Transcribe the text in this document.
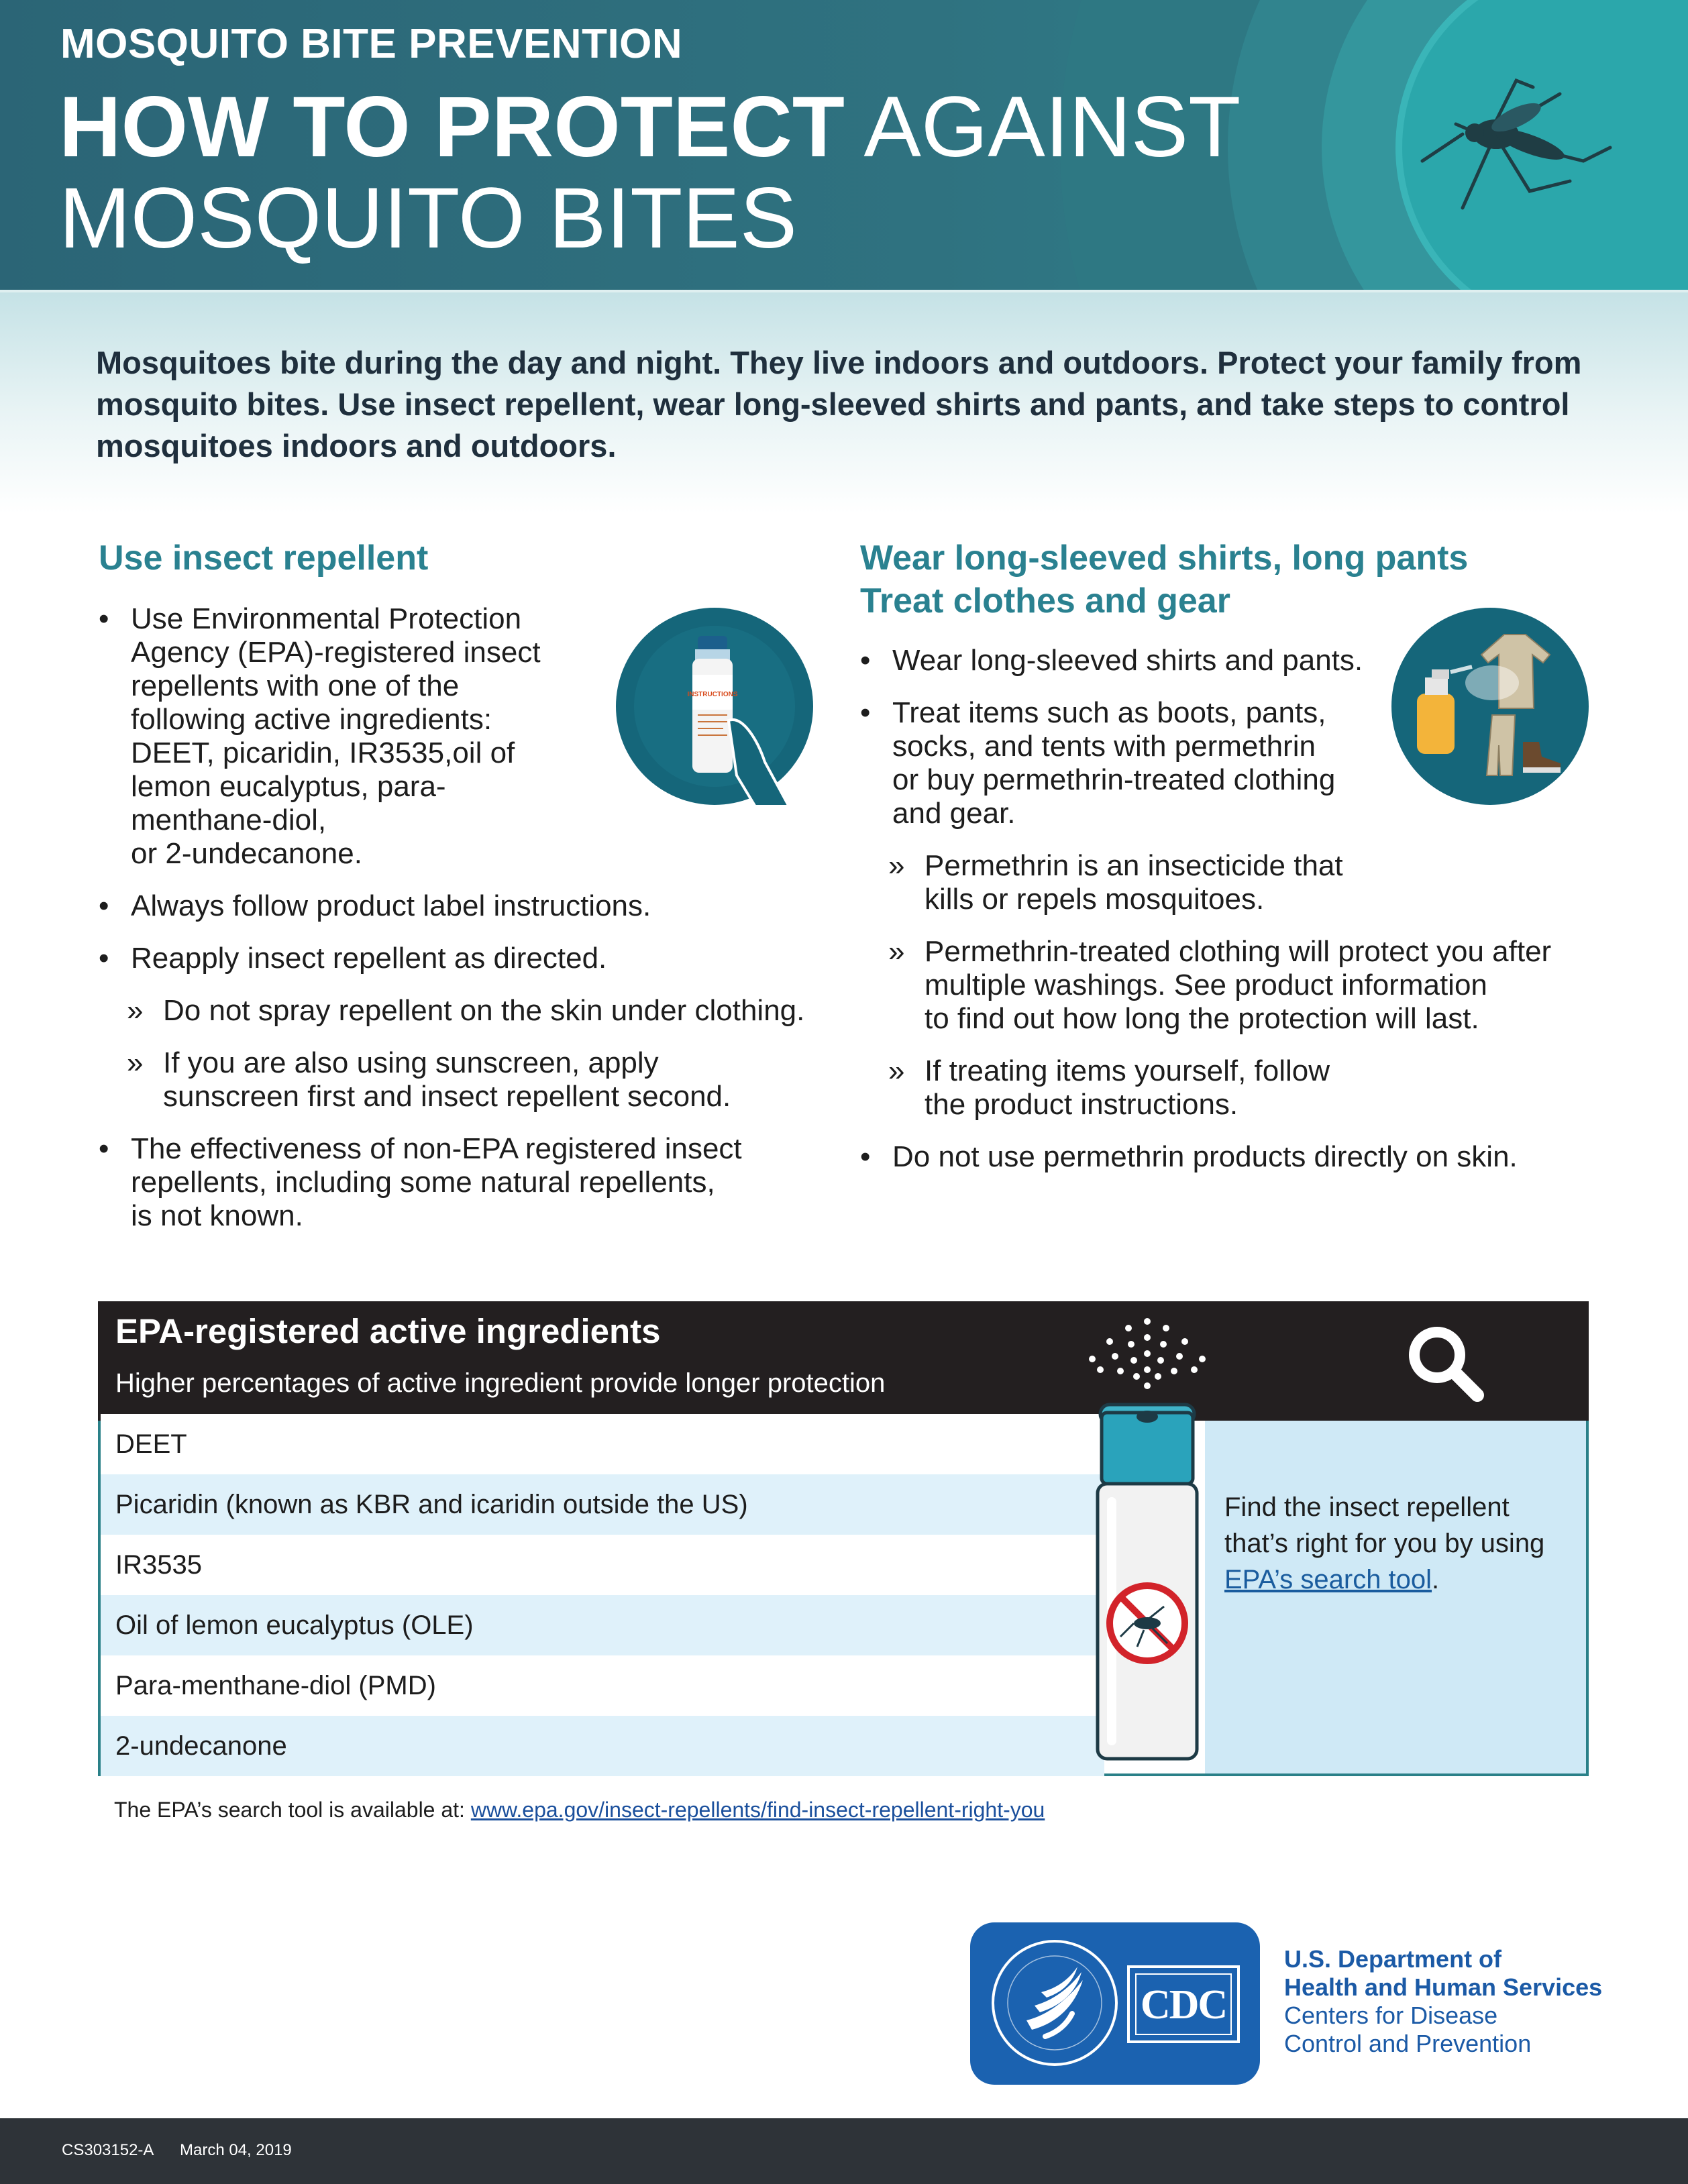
MOSQUITO BITE PREVENTION
HOW TO PROTECT AGAINST
MOSQUITO BITES
Mosquitoes bite during the day and night. They live indoors and outdoors. Protect your family from mosquito bites. Use insect repellent, wear long-sleeved shirts and pants, and take steps to control mosquitoes indoors and outdoors.
Use insect repellent
INSTRUCTIONS
• Use Environmental Protection
Agency (EPA)-registered insect
repellents with one of the
following active ingredients:
DEET, picaridin, IR3535,oil of
lemon eucalyptus, para-
menthane-diol,
or 2-undecanone.
• Always follow product label instructions.
• Reapply insect repellent as directed.
» Do not spray repellent on the skin under clothing.
» If you are also using sunscreen, apply
sunscreen first and insect repellent second.
• The effectiveness of non-EPA registered insect
repellents, including some natural repellents,
is not known.
Wear long-sleeved shirts, long pants
Treat clothes and gear
• Wear long-sleeved shirts and pants.
• Treat items such as boots, pants,
socks, and tents with permethrin
or buy permethrin-treated clothing
and gear.
» Permethrin is an insecticide that
kills or repels mosquitoes.
» Permethrin-treated clothing will protect you after
multiple washings. See product information
to find out how long the protection will last.
» If treating items yourself, follow
the product instructions.
• Do not use permethrin products directly on skin.
EPA-registered active ingredients
Higher percentages of active ingredient provide longer protection
DEET
Picaridin (known as KBR and icaridin outside the US)
IR3535
Oil of lemon eucalyptus (OLE)
Para-menthane-diol (PMD)
2-undecanone
Find the insect repellent that’s right for you by using EPA’s search tool.
The EPA’s search tool is available at: www.epa.gov/insect-repellents/find-insect-repellent-right-you
CDC
U.S. Department of
Health and Human Services
Centers for Disease
Control and Prevention
CS303152-A March 04, 2019
